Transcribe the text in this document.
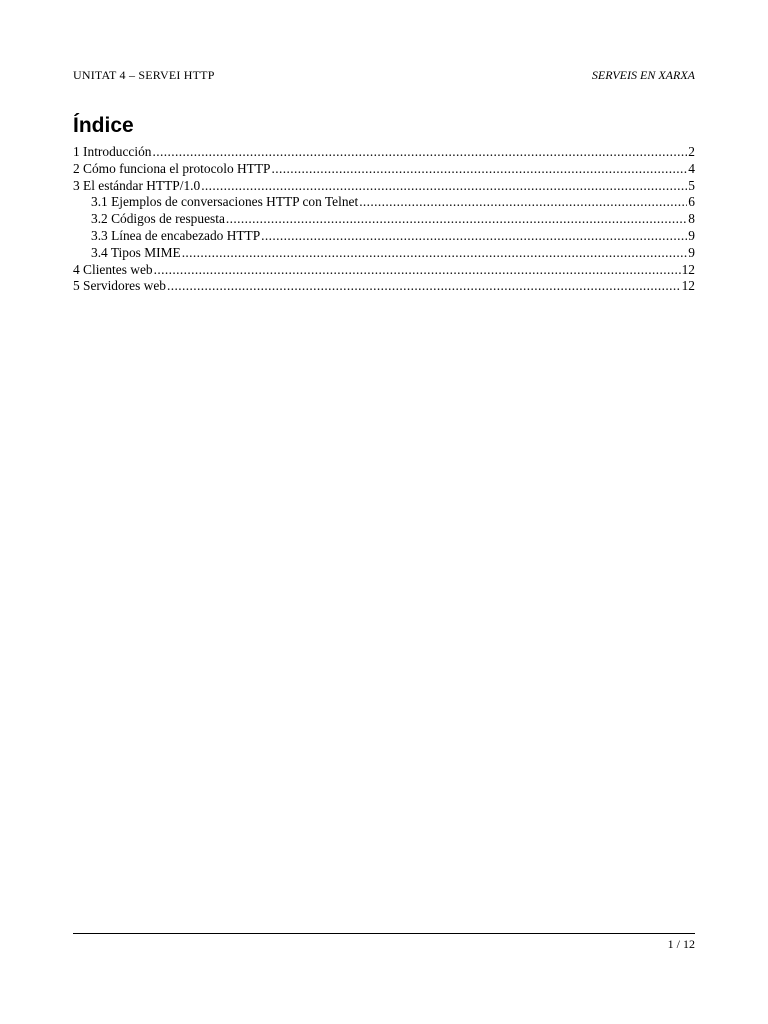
UNITAT 4 – SERVEI HTTP	SERVEIS EN XARXA
Índice
1 Introducción .....	2
2 Cómo funciona el protocolo HTTP .....	4
3 El estándar HTTP/1.0 .....	5
3.1 Ejemplos de conversaciones HTTP con Telnet .....	6
3.2 Códigos de respuesta .....	8
3.3 Línea de encabezado HTTP .....	9
3.4 Tipos MIME .....	9
4 Clientes web .....	12
5 Servidores web .....	12
1 / 12
